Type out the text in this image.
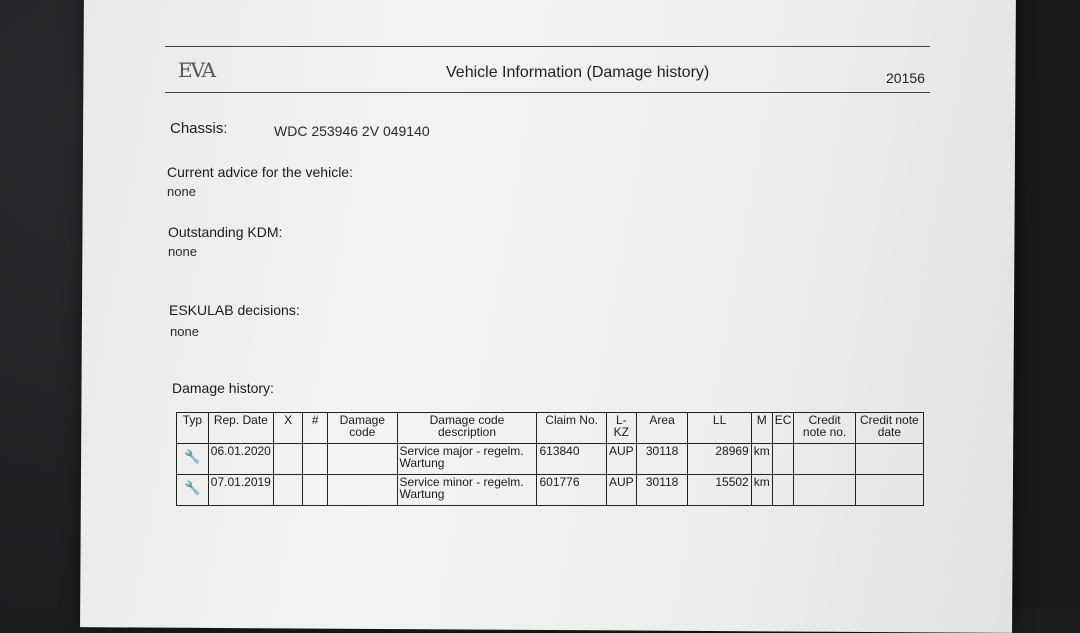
EVA	Vehicle Information (Damage history)	20156
Chassis:	WDC 253946 2V 049140
Current advice for the vehicle:
none
Outstanding KDM:
none
ESKULAB decisions:
none
Damage history:
Typ	Rep. Date	X	#	Damage code	Damage code description	Claim No.	L-KZ	Area	LL	M	EC	Credit note no.	Credit note date

🔧	06.01.2020				Service major - regelm. Wartung	613840	AUP	30118	28969	km			

🔧	07.01.2019				Service minor - regelm. Wartung	601776	AUP	30118	15502	km			
